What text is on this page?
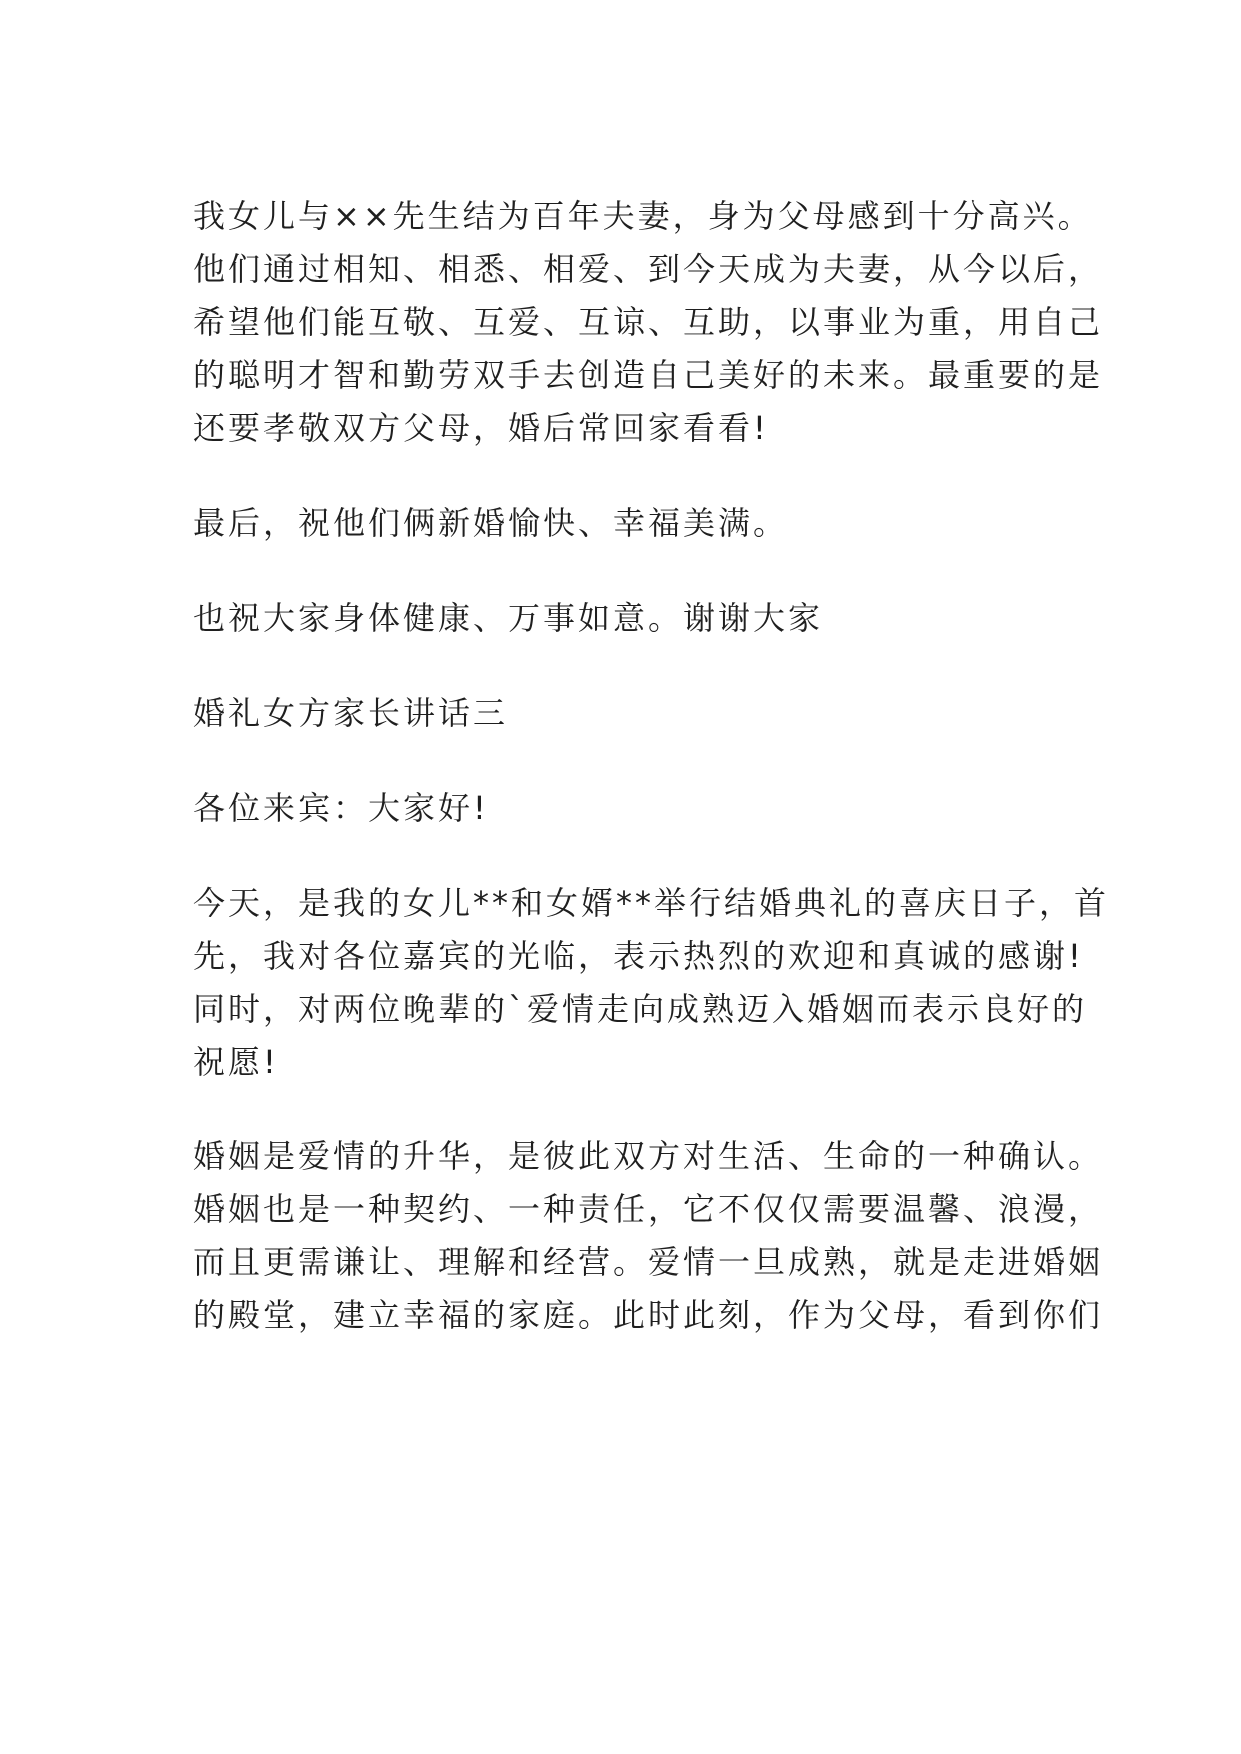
我女儿与××先生结为百年夫妻，身为父母感到十分高兴。
他们通过相知、相悉、相爱、到今天成为夫妻，从今以后，
希望他们能互敬、互爱、互谅、互助，以事业为重，用自己
的聪明才智和勤劳双手去创造自己美好的未来。最重要的是
还要孝敬双方父母，婚后常回家看看!
最后，祝他们俩新婚愉快、幸福美满。
也祝大家身体健康、万事如意。谢谢大家
婚礼女方家长讲话三
各位来宾：大家好!
今天，是我的女儿**和女婿**举行结婚典礼的喜庆日子，首
先，我对各位嘉宾的光临，表示热烈的欢迎和真诚的感谢!
同时，对两位晚辈的`爱情走向成熟迈入婚姻而表示良好的
祝愿!
婚姻是爱情的升华，是彼此双方对生活、生命的一种确认。
婚姻也是一种契约、一种责任，它不仅仅需要温馨、浪漫，
而且更需谦让、理解和经营。爱情一旦成熟，就是走进婚姻
的殿堂，建立幸福的家庭。此时此刻，作为父母，看到你们
